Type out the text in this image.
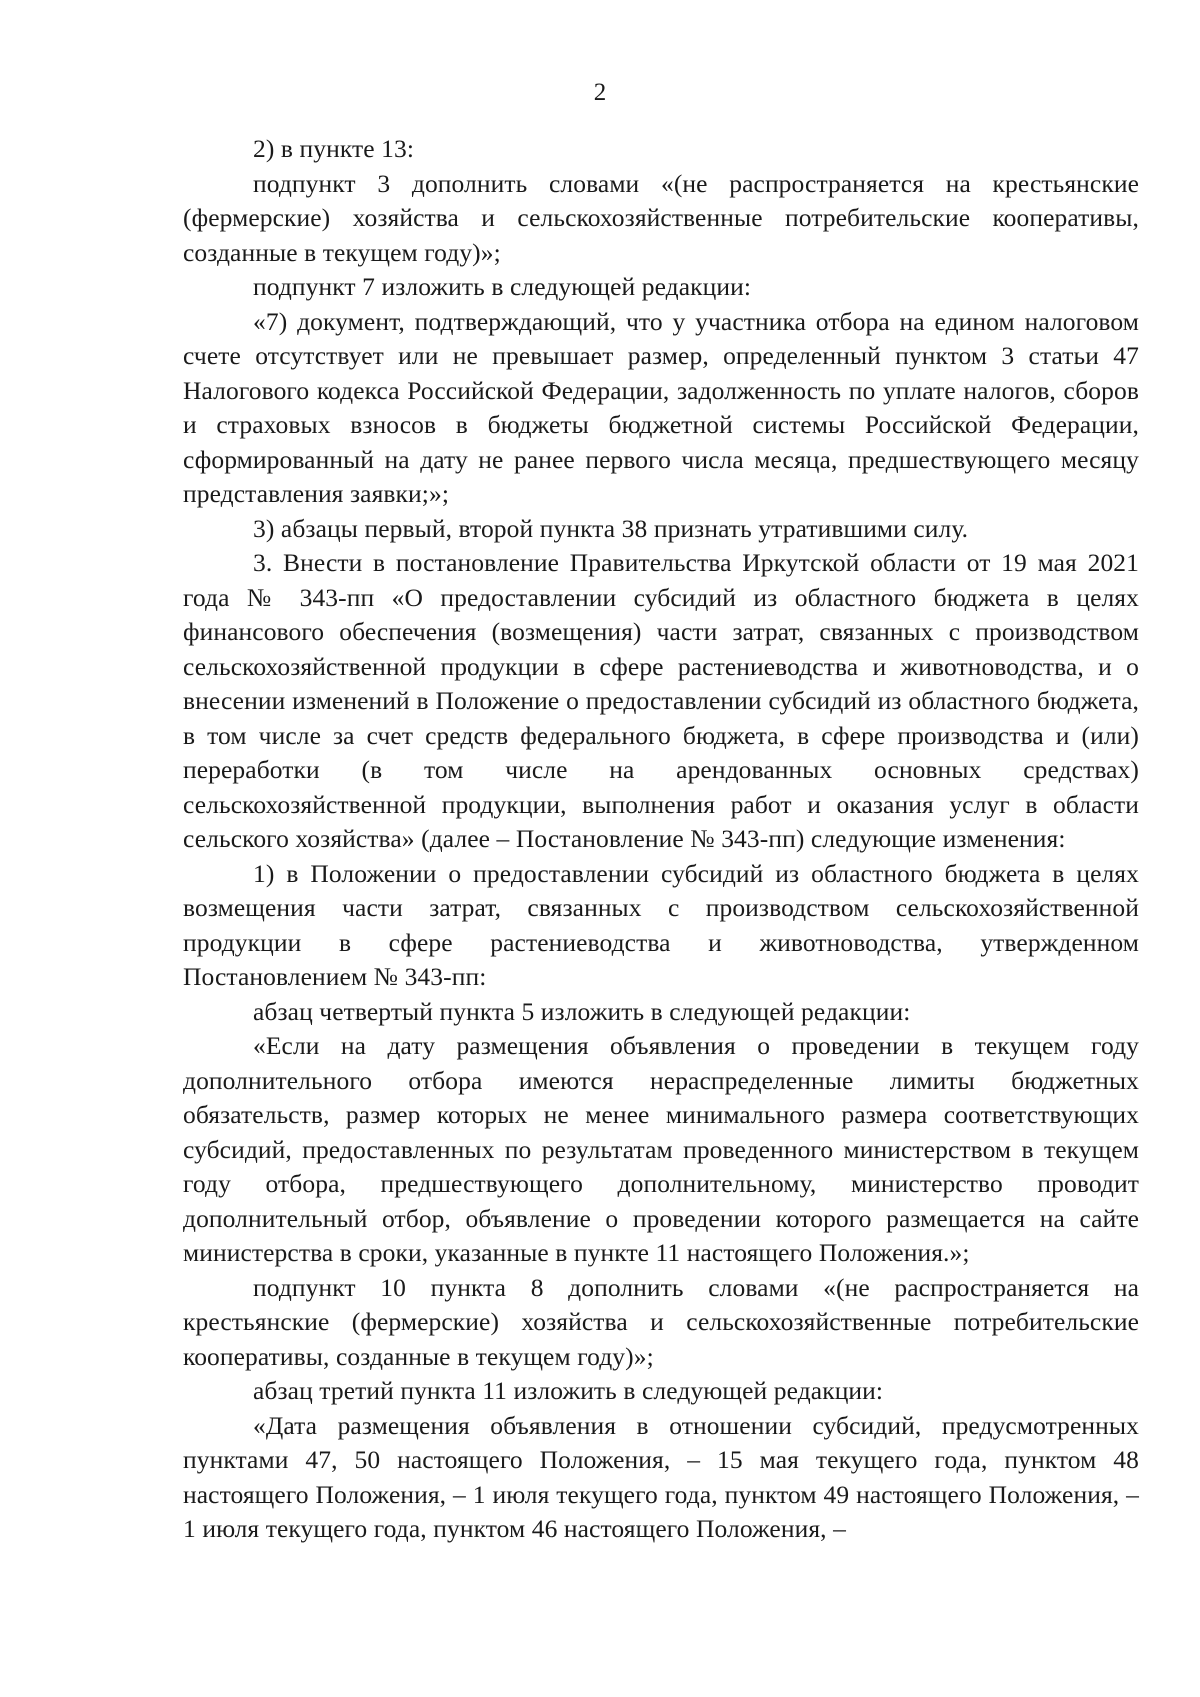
2

2) в пункте 13:

подпункт 3 дополнить словами «(не распространяется на крестьянские (фермерские) хозяйства и сельскохозяйственные потребительские кооперативы, созданные в текущем году)»;

подпункт 7 изложить в следующей редакции:

«7) документ, подтверждающий, что у участника отбора на едином налоговом счете отсутствует или не превышает размер, определенный пунктом 3 статьи 47 Налогового кодекса Российской Федерации, задолженность по уплате налогов, сборов и страховых взносов в бюджеты бюджетной системы Российской Федерации, сформированный на дату не ранее первого числа месяца, предшествующего месяцу представления заявки;»;

3) абзацы первый, второй пункта 38 признать утратившими силу.

3. Внести в постановление Правительства Иркутской области от 19 мая 2021 года № 343-пп «О предоставлении субсидий из областного бюджета в целях финансового обеспечения (возмещения) части затрат, связанных с производством сельскохозяйственной продукции в сфере растениеводства и животноводства, и о внесении изменений в Положение о предоставлении субсидий из областного бюджета, в том числе за счет средств федерального бюджета, в сфере производства и (или) переработки (в том числе на арендованных основных средствах) сельскохозяйственной продукции, выполнения работ и оказания услуг в области сельского хозяйства» (далее – Постановление № 343-пп) следующие изменения:

1) в Положении о предоставлении субсидий из областного бюджета в целях возмещения части затрат, связанных с производством сельскохозяйственной продукции в сфере растениеводства и животноводства, утвержденном Постановлением № 343-пп:

абзац четвертый пункта 5 изложить в следующей редакции:

«Если на дату размещения объявления о проведении в текущем году дополнительного отбора имеются нераспределенные лимиты бюджетных обязательств, размер которых не менее минимального размера соответствующих субсидий, предоставленных по результатам проведенного министерством в текущем году отбора, предшествующего дополнительному, министерство проводит дополнительный отбор, объявление о проведении которого размещается на сайте министерства в сроки, указанные в пункте 11 настоящего Положения.»;

подпункт 10 пункта 8 дополнить словами «(не распространяется на крестьянские (фермерские) хозяйства и сельскохозяйственные потребительские кооперативы, созданные в текущем году)»;

абзац третий пункта 11 изложить в следующей редакции:

«Дата размещения объявления в отношении субсидий, предусмотренных пунктами 47, 50 настоящего Положения, – 15 мая текущего года, пунктом 48 настоящего Положения, – 1 июля текущего года, пунктом 49 настоящего Положения, – 1 июля текущего года, пунктом 46 настоящего Положения, –
